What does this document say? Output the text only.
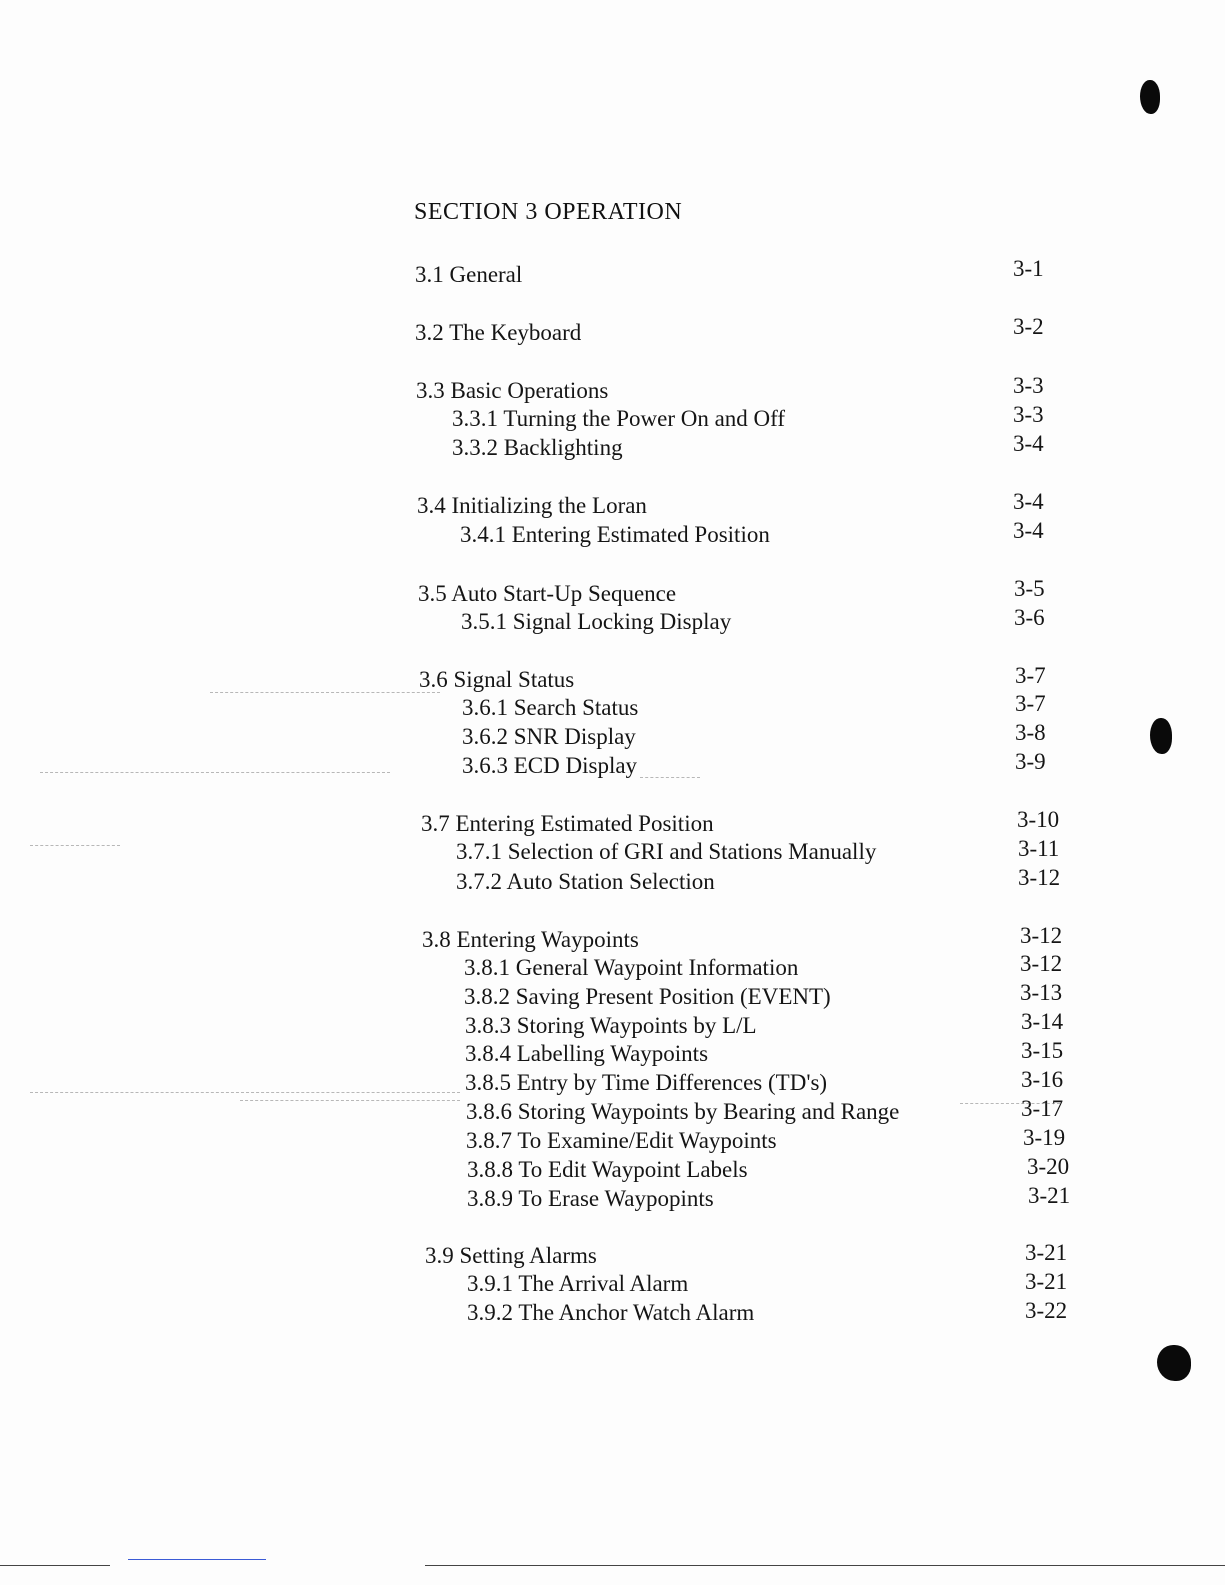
SECTION 3 OPERATION
3.1 General	3-1
3.2 The Keyboard	3-2
3.3 Basic Operations	3-3
3.3.1 Turning the Power On and Off	3-3
3.3.2 Backlighting	3-4
3.4 Initializing the Loran	3-4
3.4.1 Entering Estimated Position	3-4
3.5 Auto Start-Up Sequence	3-5
3.5.1 Signal Locking Display	3-6
3.6 Signal Status	3-7
3.6.1 Search Status	3-7
3.6.2 SNR Display	3-8
3.6.3 ECD Display	3-9
3.7 Entering Estimated Position	3-10
3.7.1 Selection of GRI and Stations Manually	3-11
3.7.2 Auto Station Selection	3-12
3.8 Entering Waypoints	3-12
3.8.1 General Waypoint Information	3-12
3.8.2 Saving Present Position (EVENT)	3-13
3.8.3 Storing Waypoints by L/L	3-14
3.8.4 Labelling Waypoints	3-15
3.8.5 Entry by Time Differences (TD's)	3-16
3.8.6 Storing Waypoints by Bearing and Range	3-17
3.8.7 To Examine/Edit Waypoints	3-19
3.8.8 To Edit Waypoint Labels	3-20
3.8.9 To Erase Waypopints	3-21
3.9 Setting Alarms	3-21
3.9.1 The Arrival Alarm	3-21
3.9.2 The Anchor Watch Alarm	3-22
